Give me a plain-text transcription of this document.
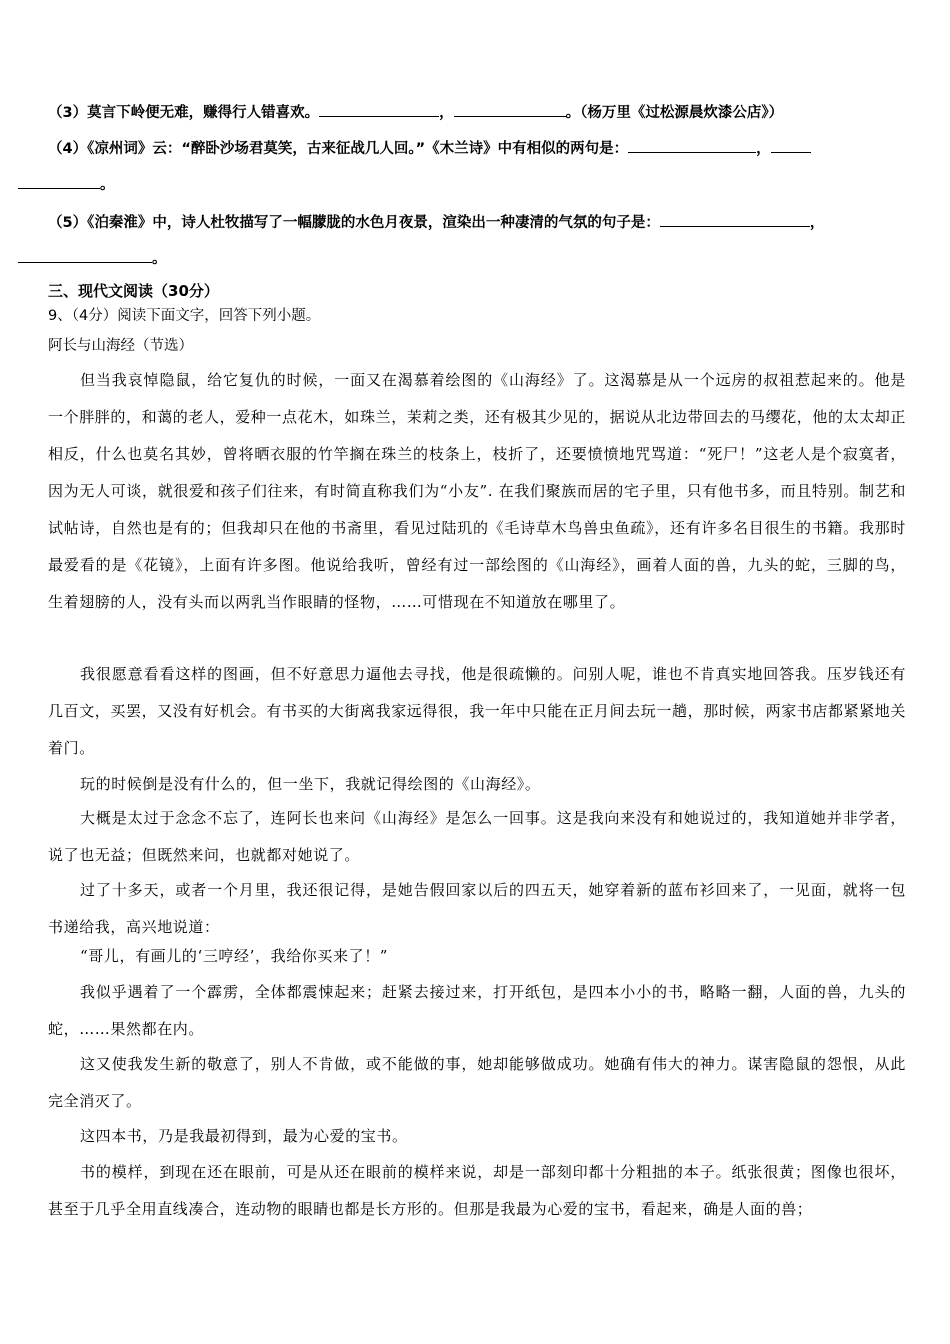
（3）莫言下岭便无难，赚得行人错喜欢。	，	。（杨万里《过松源晨炊漆公店》）
（4）《凉州词》云：“醉卧沙场君莫笑，古来征战几人回。”《木兰诗》中有相似的两句是：	，
。
（5）《泊秦淮》中，诗人杜牧描写了一幅朦胧的水色月夜景，渲染出一种凄清的气氛的句子是：	，
。
三、现代文阅读（30分）
9、（4分）阅读下面文字，回答下列小题。
阿长与山海经（节选）

但当我哀悼隐鼠，给它复仇的时候，一面又在渴慕着绘图的《山海经》了。这渴慕是从一个远房的叔祖惹起来的。他是一个胖胖的，和蔼的老人，爱种一点花木，如珠兰，茉莉之类，还有极其少见的，据说从北边带回去的马缨花，他的太太却正相反，什么也莫名其妙，曾将晒衣服的竹竿搁在珠兰的枝条上，枝折了，还要愤愤地咒骂道：“死尸！”这老人是个寂寞者，因为无人可谈，就很爱和孩子们往来，有时简直称我们为“小友”. 在我们聚族而居的宅子里，只有他书多，而且特别。制艺和试帖诗，自然也是有的；但我却只在他的书斋里，看见过陆玑的《毛诗草木鸟兽虫鱼疏》，还有许多名目很生的书籍。我那时最爱看的是《花镜》，上面有许多图。他说给我听，曾经有过一部绘图的《山海经》，画着人面的兽，九头的蛇，三脚的鸟，生着翅膀的人，没有头而以两乳当作眼睛的怪物，……可惜现在不知道放在哪里了。

我很愿意看看这样的图画，但不好意思力逼他去寻找，他是很疏懒的。问别人呢，谁也不肯真实地回答我。压岁钱还有几百文，买罢，又没有好机会。有书买的大街离我家远得很，我一年中只能在正月间去玩一趟，那时候，两家书店都紧紧地关着门。

玩的时候倒是没有什么的，但一坐下，我就记得绘图的《山海经》。

大概是太过于念念不忘了，连阿长也来问《山海经》是怎么一回事。这是我向来没有和她说过的，我知道她并非学者，说了也无益；但既然来问，也就都对她说了。

过了十多天，或者一个月里，我还很记得，是她告假回家以后的四五天，她穿着新的蓝布衫回来了，一见面，就将一包书递给我，高兴地说道：

“哥儿，有画儿的‘三哼经’，我给你买来了！”

我似乎遇着了一个霹雳，全体都震悚起来；赶紧去接过来，打开纸包，是四本小小的书，略略一翻，人面的兽，九头的蛇，……果然都在内。

这又使我发生新的敬意了，别人不肯做，或不能做的事，她却能够做成功。她确有伟大的神力。谋害隐鼠的怨恨，从此完全消灭了。

这四本书，乃是我最初得到，最为心爱的宝书。

书的模样，到现在还在眼前，可是从还在眼前的模样来说，却是一部刻印都十分粗拙的本子。纸张很黄；图像也很坏，甚至于几乎全用直线凑合，连动物的眼睛也都是长方形的。但那是我最为心爱的宝书，看起来，确是人面的兽；
